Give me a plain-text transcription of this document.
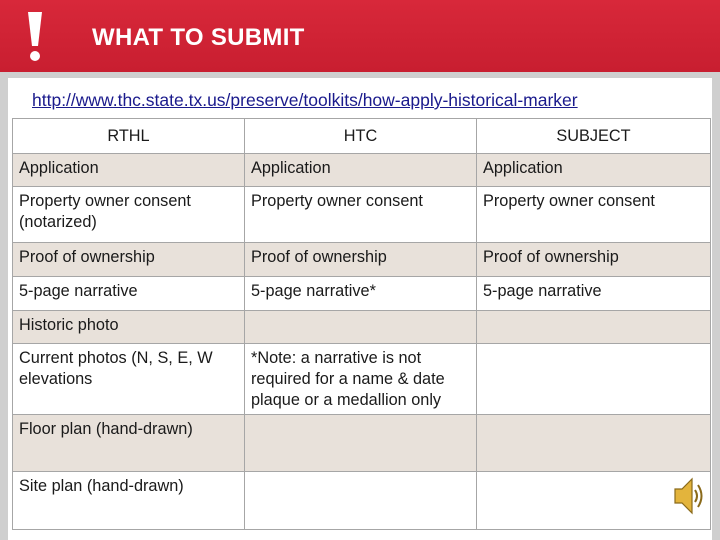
WHAT TO SUBMIT
http://www.thc.state.tx.us/preserve/toolkits/how-apply-historical-marker
RTHL	HTC	SUBJECT
Application	Application	Application
Property owner consent (notarized)	Property owner consent	Property owner consent
Proof of ownership	Proof of ownership	Proof of ownership
5-page narrative	5-page narrative*	5-page narrative
Historic photo		
Current photos (N, S, E, W elevations	*Note: a narrative is not required for a name & date plaque or a medallion only	
Floor plan (hand-drawn)		
Site plan (hand-drawn)		
